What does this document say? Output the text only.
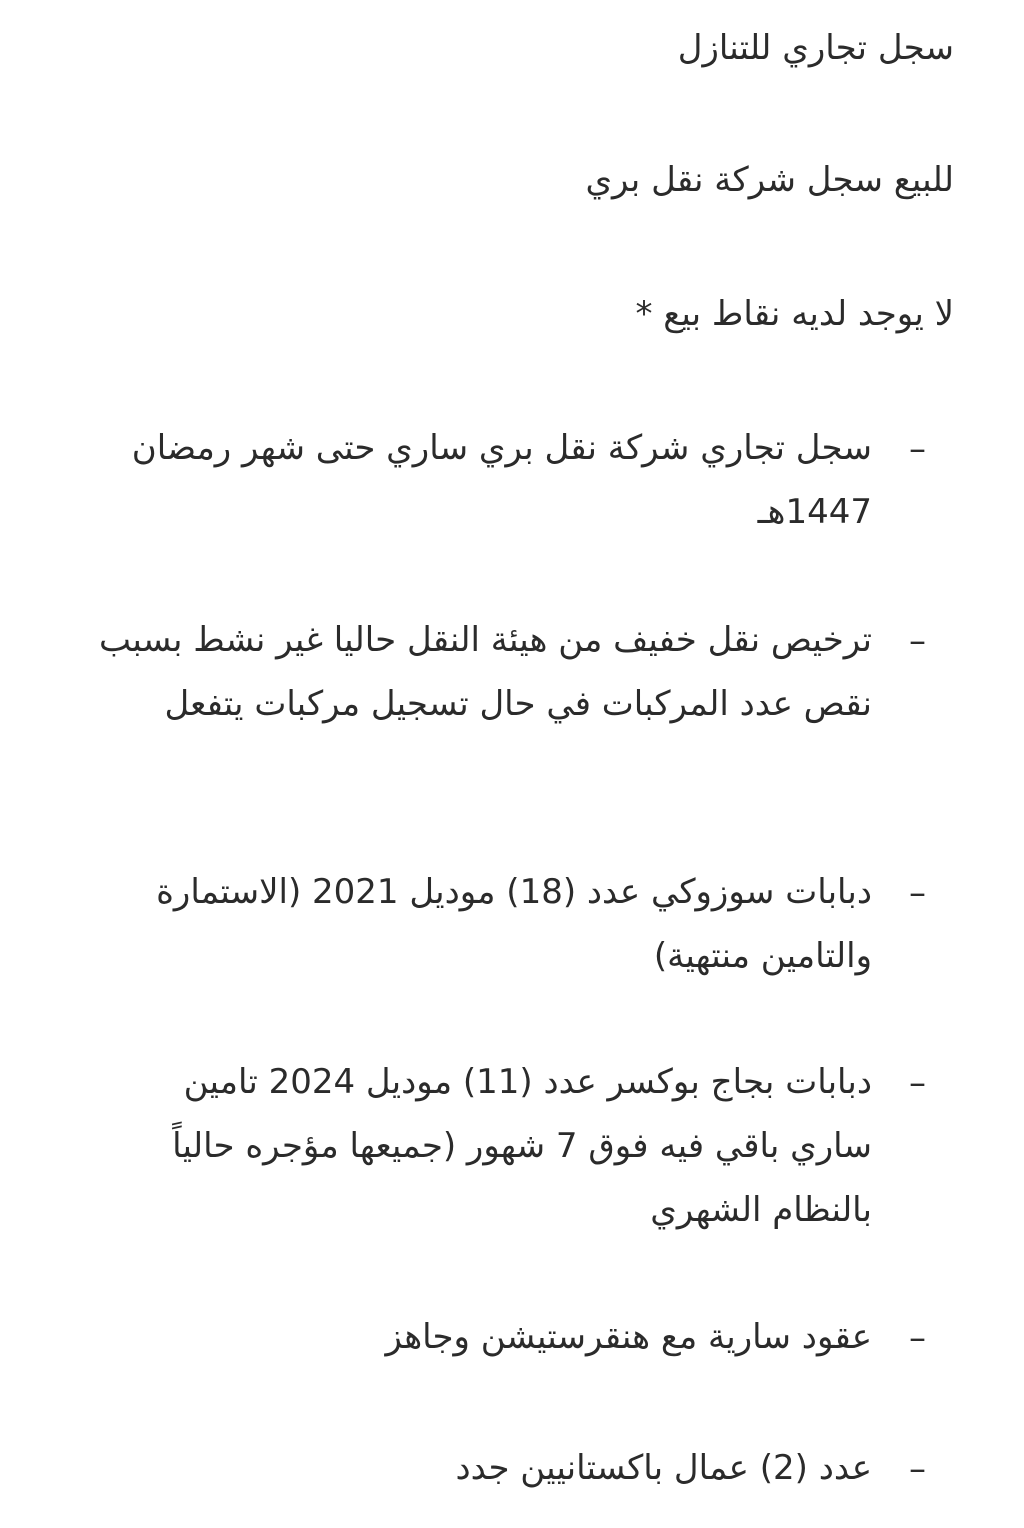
سجل تجاري للتنازل
للبيع سجل شركة نقل بري
لا يوجد لديه نقاط بيع *
–
سجل تجاري شركة نقل بري ساري حتى شهر رمضان 1447هـ
–
ترخيص نقل خفيف من هيئة النقل حاليا غير نشط بسبب نقص عدد المركبات في حال تسجيل مركبات يتفعل
–
دبابات سوزوكي عدد (18) موديل 2021 (الاستمارة والتامين منتهية)
–
دبابات بجاج بوكسر عدد (11) موديل 2024 تامين ساري باقي فيه فوق 7 شهور (جميعها مؤجره حالياً بالنظام الشهري
–
عقود سارية مع هنقرستيشن وجاهز
–
عدد (2) عمال باكستانيين جدد
